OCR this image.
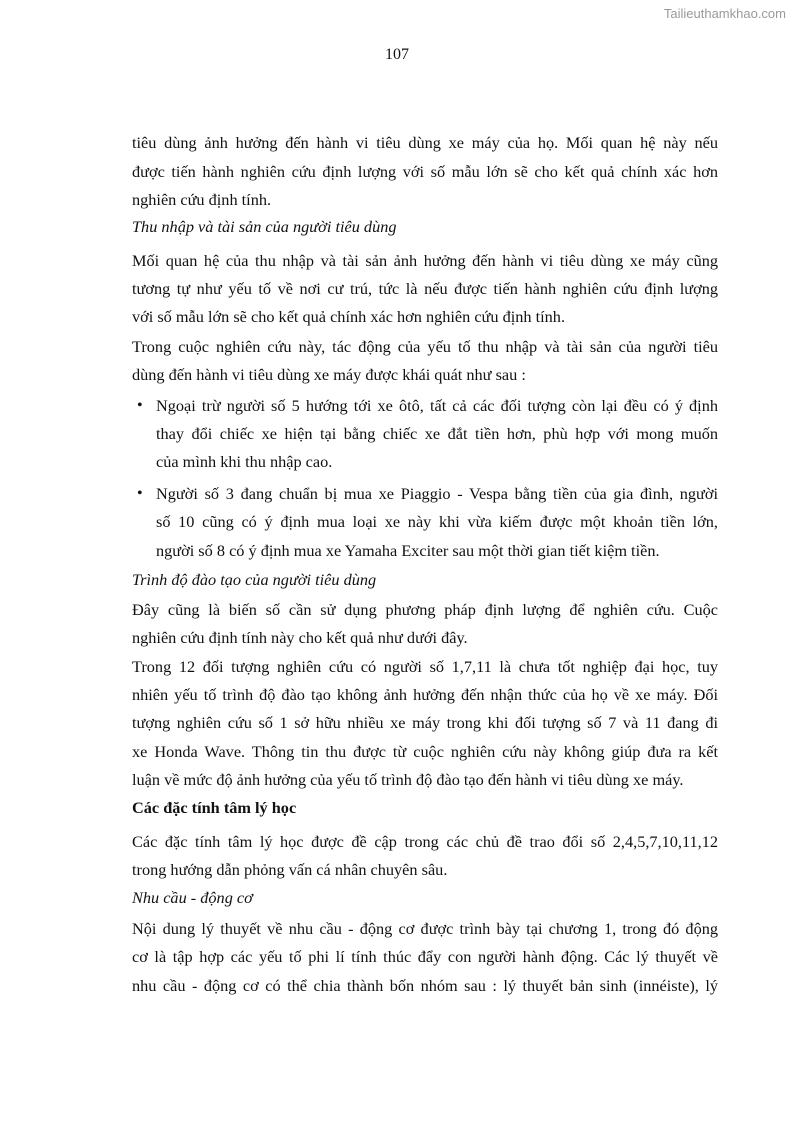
Tailieuthamkhao.com
107
tiêu dùng ảnh hưởng đến hành vi tiêu dùng xe máy của họ. Mối quan hệ này nếu
được tiến hành nghiên cứu định lượng với số mẫu lớn sẽ cho kết quả chính xác hơn
nghiên cứu định tính.
Thu nhập và tài sản của người tiêu dùng
Mối quan hệ của thu nhập và tài sản ảnh hưởng đến hành vi tiêu dùng xe máy cũng
tương tự như yếu tố về nơi cư trú, tức là nếu được tiến hành nghiên cứu định lượng
với số mẫu lớn sẽ cho kết quả chính xác hơn nghiên cứu định tính.
Trong cuộc nghiên cứu này, tác động của yếu tố thu nhập và tài sản của người tiêu
dùng đến hành vi tiêu dùng xe máy được khái quát như sau :
• Ngoại trừ người số 5 hướng tới xe ôtô, tất cả các đối tượng còn lại đều có ý định
thay đổi chiếc xe hiện tại bằng chiếc xe đắt tiền hơn, phù hợp với mong muốn
của mình khi thu nhập cao.
• Người số 3 đang chuẩn bị mua xe Piaggio - Vespa bằng tiền của gia đình, người
số 10 cũng có ý định mua loại xe này khi vừa kiếm được một khoản tiền lớn,
người số 8 có ý định mua xe Yamaha Exciter sau một thời gian tiết kiệm tiền.
Trình độ đào tạo của người tiêu dùng
Đây cũng là biến số cần sử dụng phương pháp định lượng để nghiên cứu. Cuộc
nghiên cứu định tính này cho kết quả như dưới đây.
Trong 12 đối tượng nghiên cứu có người số 1,7,11 là chưa tốt nghiệp đại học, tuy
nhiên yếu tố trình độ đào tạo không ảnh hưởng đến nhận thức của họ về xe máy. Đối
tượng nghiên cứu số 1 sở hữu nhiều xe máy trong khi đối tượng số 7 và 11 đang đi
xe Honda Wave. Thông tin thu được từ cuộc nghiên cứu này không giúp đưa ra kết
luận về mức độ ảnh hưởng của yếu tố trình độ đào tạo đến hành vi tiêu dùng xe máy.
Các đặc tính tâm lý học
Các đặc tính tâm lý học được đề cập trong các chủ đề trao đổi số 2,4,5,7,10,11,12
trong hướng dẫn phỏng vấn cá nhân chuyên sâu.
Nhu cầu - động cơ
Nội dung lý thuyết về nhu cầu - động cơ được trình bày tại chương 1, trong đó động
cơ là tập hợp các yếu tố phi lí tính thúc đẩy con người hành động. Các lý thuyết về
nhu cầu - động cơ có thể chia thành bốn nhóm sau : lý thuyết bản sinh (innéiste), lý
